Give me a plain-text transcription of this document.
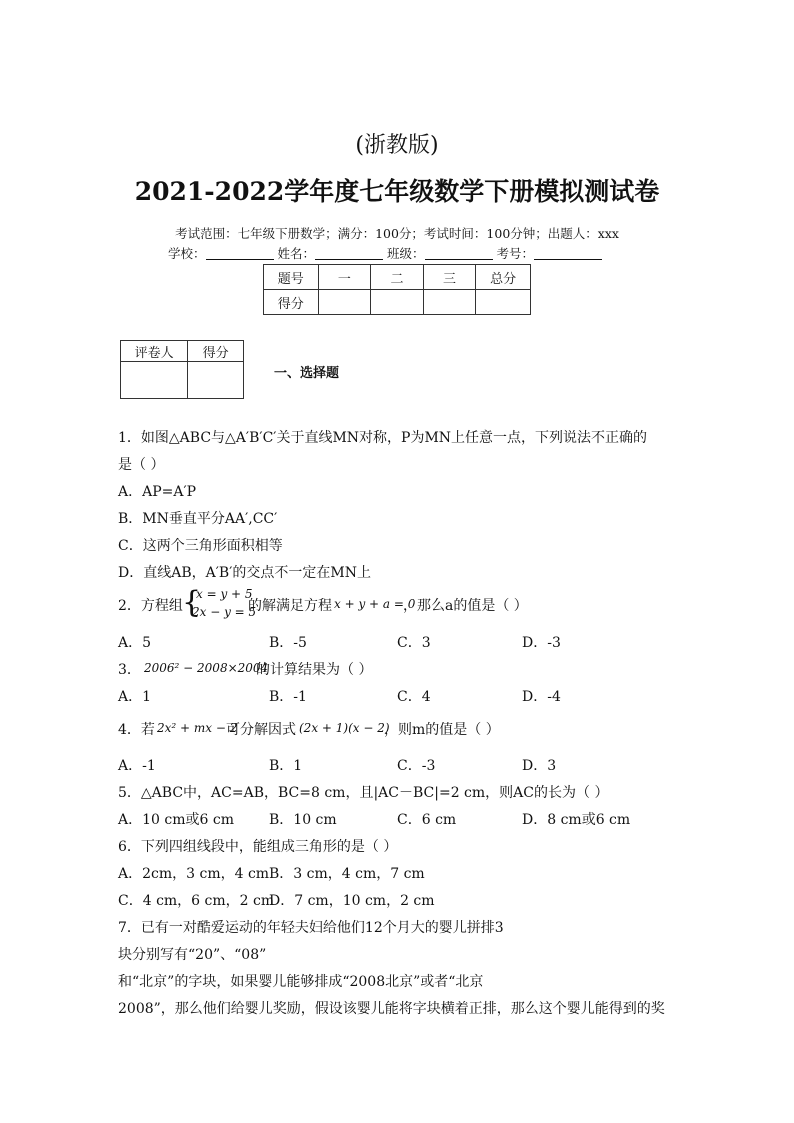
(浙教版)
2021-2022学年度七年级数学下册模拟测试卷
考试范围：七年级下册数学；满分：100分；考试时间：100分钟；出题人：xxx
学校：	姓名：	班级：	考号：
题号	一	二	三	总分
得分				
评卷人	得分

一、选择题
1．如图△ABC与△A′B′C′关于直线MN对称，P为MN上任意一点，下列说法不正确的
是（ ）
A．AP=A′P
B．MN垂直平分AA′,CC′
C．这两个三角形面积相等
D．直线AB，A′B′的交点不一定在MN上
2．方程组 {
x = y + 5
2x − y = 5
的解满足方程 x + y + a = 0
，那么a的值是（ ）
A．5	B．-5	C．3	D．-3
3． 2006² − 2008×2004
的计算结果为（ ）
A．1	B．-1	C．4	D．-4
4．若 2x² + mx − 2
可分解因式 (2x + 1)(x − 2)
，则m的值是（ ）
A．-1	B．1	C．-3	D．3
5．△ABC中，AC=AB，BC=8 cm，且|AC－BC|=2 cm，则AC的长为（ ）
A．10 cm或6 cm	B．10 cm	C．6 cm	D．8 cm或6 cm
6．下列四组线段中，能组成三角形的是（ ）
A．2cm，3 cm，4 cm B．3 cm，4 cm，7 cm
C．4 cm，6 cm，2 cm
D．7 cm，10 cm，2 cm
7．已有一对酷爱运动的年轻夫妇给他们12个月大的婴儿拼排3
块分别写有“20”、“08”
和“北京”的字块，如果婴儿能够排成“2008北京”或者“北京
2008”，那么他们给婴儿奖励，假设该婴儿能将字块横着正排，那么这个婴儿能得到的奖
